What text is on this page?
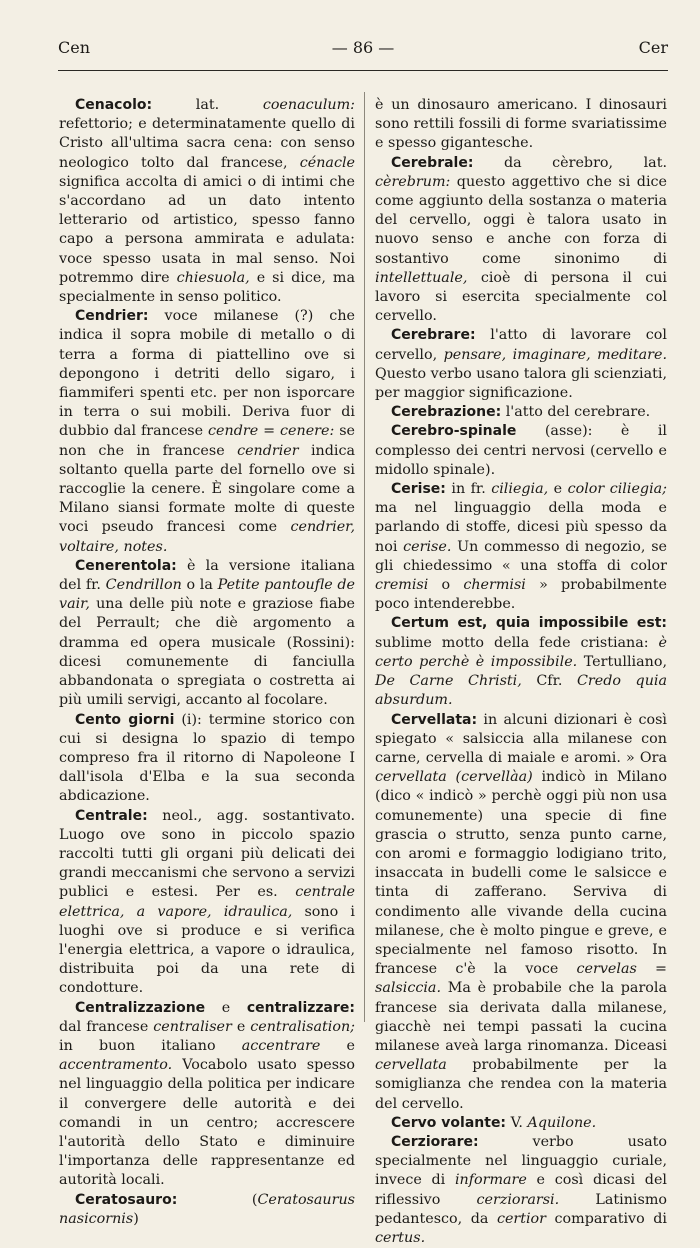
Cen	— 86 —	Cer

Cenacolo: lat. coenaculum: refettorio; e determinatamente quello di Cristo all'ultima sacra cena: con senso neologico tolto dal francese, cénacle significa accolta di amici o di intimi che s'accordano ad un dato intento letterario od artistico, spesso fanno capo a persona ammirata e adulata: voce spesso usata in mal senso. Noi potremmo dire chiesuola, e si dice, ma specialmente in senso politico.

Cendrier: voce milanese (?) che indica il sopra mobile di metallo o di terra a forma di piattellino ove si depongono i detriti dello sigaro, i fiammiferi spenti etc. per non isporcare in terra o sui mobili. Deriva fuor di dubbio dal francese cendre = cenere: se non che in francese cendrier indica soltanto quella parte del fornello ove si raccoglie la cenere. È singolare come a Milano siansi formate molte di queste voci pseudo francesi come cendrier, voltaire, notes.

Cenerentola: è la versione italiana del fr. Cendrillon o la Petite pantoufle de vair, una delle più note e graziose fiabe del Perrault; che diè argomento a dramma ed opera musicale (Rossini): dicesi comunemente di fanciulla abbandonata o spregiata o costretta ai più umili servigi, accanto al focolare.

Cento giorni (i): termine storico con cui si designa lo spazio di tempo compreso fra il ritorno di Napoleone I dall'isola d'Elba e la sua seconda abdicazione.

Centrale: neol., agg. sostantivato. Luogo ove sono in piccolo spazio raccolti tutti gli organi più delicati dei grandi meccanismi che servono a servizi publici e estesi. Per es. centrale elettrica, a vapore, idraulica, sono i luoghi ove si produce e si verifica l'energia elettrica, a vapore o idraulica, distribuita poi da una rete di condotture.

Centralizzazione e centralizzare: dal francese centraliser e centralisation; in buon italiano accentrare e accentramento. Vocabolo usato spesso nel linguaggio della politica per indicare il convergere delle autorità e dei comandi in un centro; accrescere l'autorità dello Stato e diminuire l'importanza delle rappresentanze ed autorità locali.

Ceratosauro: (Ceratosaurus nasicornis)

è un dinosauro americano. I dinosauri sono rettili fossili di forme svariatissime e spesso gigantesche.

Cerebrale: da cèrebro, lat. cèrebrum: questo aggettivo che si dice come aggiunto della sostanza o materia del cervello, oggi è talora usato in nuovo senso e anche con forza di sostantivo come sinonimo di intellettuale, cioè di persona il cui lavoro si esercita specialmente col cervello.

Cerebrare: l'atto di lavorare col cervello, pensare, imaginare, meditare. Questo verbo usano talora gli scienziati, per maggior significazione.

Cerebrazione: l'atto del cerebrare.

Cerebro-spinale (asse): è il complesso dei centri nervosi (cervello e midollo spinale).

Cerise: in fr. ciliegia, e color ciliegia; ma nel linguaggio della moda e parlando di stoffe, dicesi più spesso da noi cerise. Un commesso di negozio, se gli chiedessimo « una stoffa di color cremisi o chermisi » probabilmente poco intenderebbe.

Certum est, quia impossibile est: sublime motto della fede cristiana: è certo perchè è impossibile. Tertulliano, De Carne Christi, Cfr. Credo quia absurdum.

Cervellata: in alcuni dizionari è così spiegato « salsiccia alla milanese con carne, cervella di maiale e aromi. » Ora cervellata (cervellàa) indicò in Milano (dico « indicò » perchè oggi più non usa comunemente) una specie di fine grascia o strutto, senza punto carne, con aromi e formaggio lodigiano trito, insaccata in budelli come le salsicce e tinta di zafferano. Serviva di condimento alle vivande della cucina milanese, che è molto pingue e greve, e specialmente nel famoso risotto. In francese c'è la voce cervelas = salsiccia. Ma è probabile che la parola francese sia derivata dalla milanese, giacchè nei tempi passati la cucina milanese aveà larga rinomanza. Diceasi cervellata probabilmente per la somiglianza che rendea con la materia del cervello.

Cervo volante: V. Aquilone.

Cerziorare: verbo usato specialmente nel linguaggio curiale, invece di informare e così dicasi del riflessivo cerziorarsi. Latinismo pedantesco, da certior comparativo di certus.
